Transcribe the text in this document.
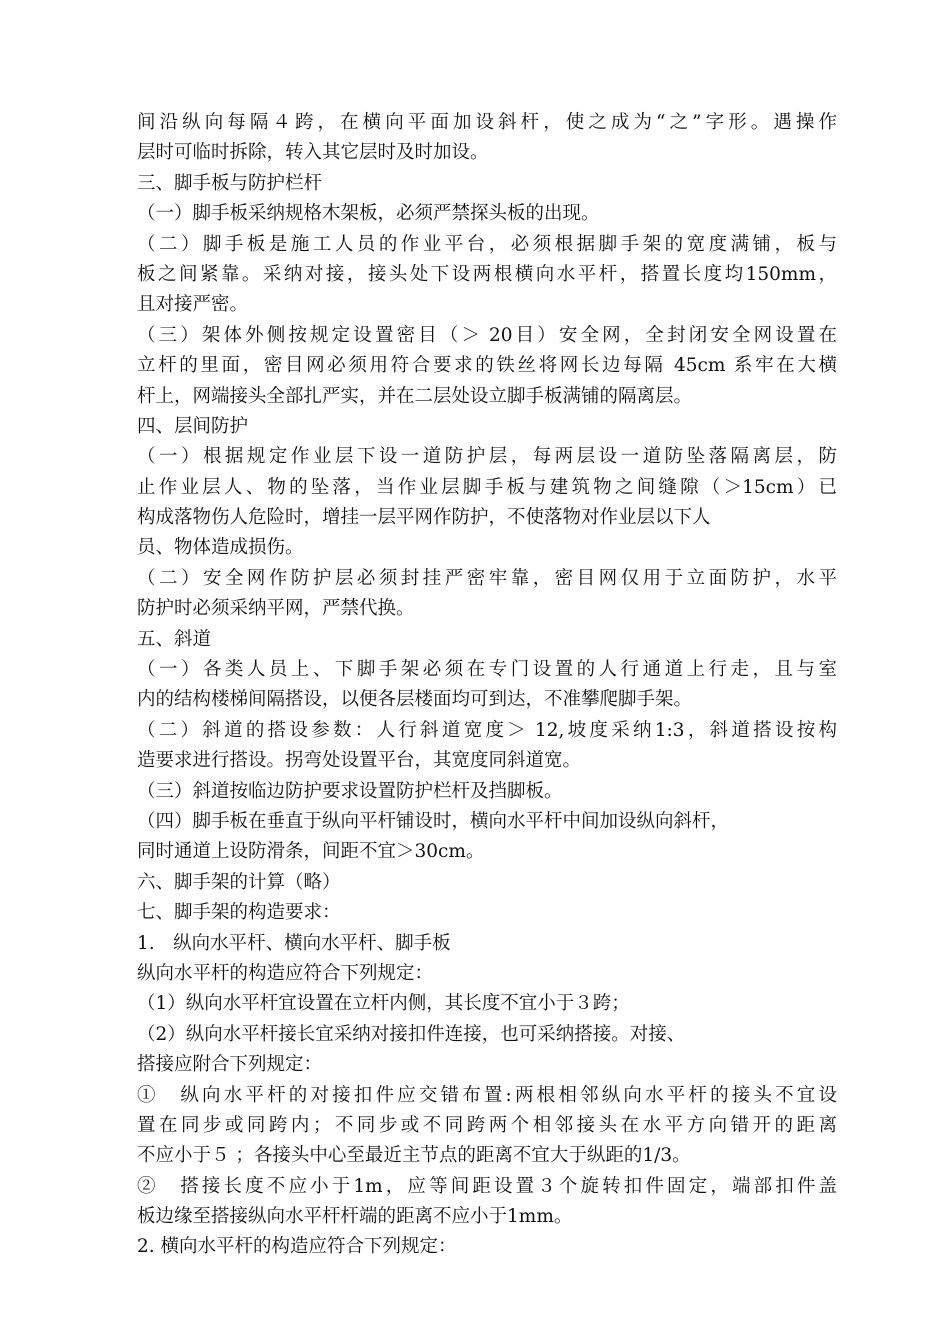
间沿纵向每隔４跨，在横向平面加设斜杆，使之成为“之”字形。遇操作
层时可临时拆除，转入其它层时及时加设。
三、脚手板与防护栏杆
（一）脚手板采纳规格木架板，必须严禁探头板的出现。
（二）脚手板是施工人员的作业平台，必须根据脚手架的宽度满铺，板与
板之间紧靠。采纳对接，接头处下设两根横向水平杆，搭置长度均150mm，
且对接严密。
（三）架体外侧按规定设置密目（＞ 20目）安全网，全封闭安全网设置在
立杆的里面，密目网必须用符合要求的铁丝将网长边每隔 45cm 系牢在大横
杆上，网端接头全部扎严实，并在二层处设立脚手板满铺的隔离层。
四、层间防护
（一）根据规定作业层下设一道防护层，每两层设一道防坠落隔离层，防
止作业层人、物的坠落，当作业层脚手板与建筑物之间缝隙（＞15cm）已
构成落物伤人危险时，增挂一层平网作防护，不使落物对作业层以下人
员、物体造成损伤。
（二）安全网作防护层必须封挂严密牢靠，密目网仅用于立面防护，水平
防护时必须采纳平网，严禁代换。
五、斜道
（一）各类人员上、下脚手架必须在专门设置的人行通道上行走，且与室
内的结构楼梯间隔搭设，以便各层楼面均可到达，不准攀爬脚手架。
（二）斜道的搭设参数：人行斜道宽度＞ 12,坡度采纳1:3，斜道搭设按构
造要求进行搭设。拐弯处设置平台，其宽度同斜道宽。
（三）斜道按临边防护要求设置防护栏杆及挡脚板。
（四）脚手板在垂直于纵向平杆铺设时，横向水平杆中间加设纵向斜杆，
同时通道上设防滑条，间距不宜＞30cm。
六、脚手架的计算（略）
七、脚手架的构造要求：
1.　纵向水平杆、横向水平杆、脚手板
纵向水平杆的构造应符合下列规定：
（1）纵向水平杆宜设置在立杆内侧，其长度不宜小于３跨；
（2）纵向水平杆接长宜采纳对接扣件连接，也可采纳搭接。对接、
搭接应附合下列规定：
①　纵向水平杆的对接扣件应交错布置:两根相邻纵向水平杆的接头不宜设
置在同步或同跨内；不同步或不同跨两个相邻接头在水平方向错开的距离
不应小于５ ；各接头中心至最近主节点的距离不宜大于纵距的1/3。
②　搭接长度不应小于1m，应等间距设置３个旋转扣件固定，端部扣件盖
板边缘至搭接纵向水平杆杆端的距离不应小于1mm。
2. 横向水平杆的构造应符合下列规定：
